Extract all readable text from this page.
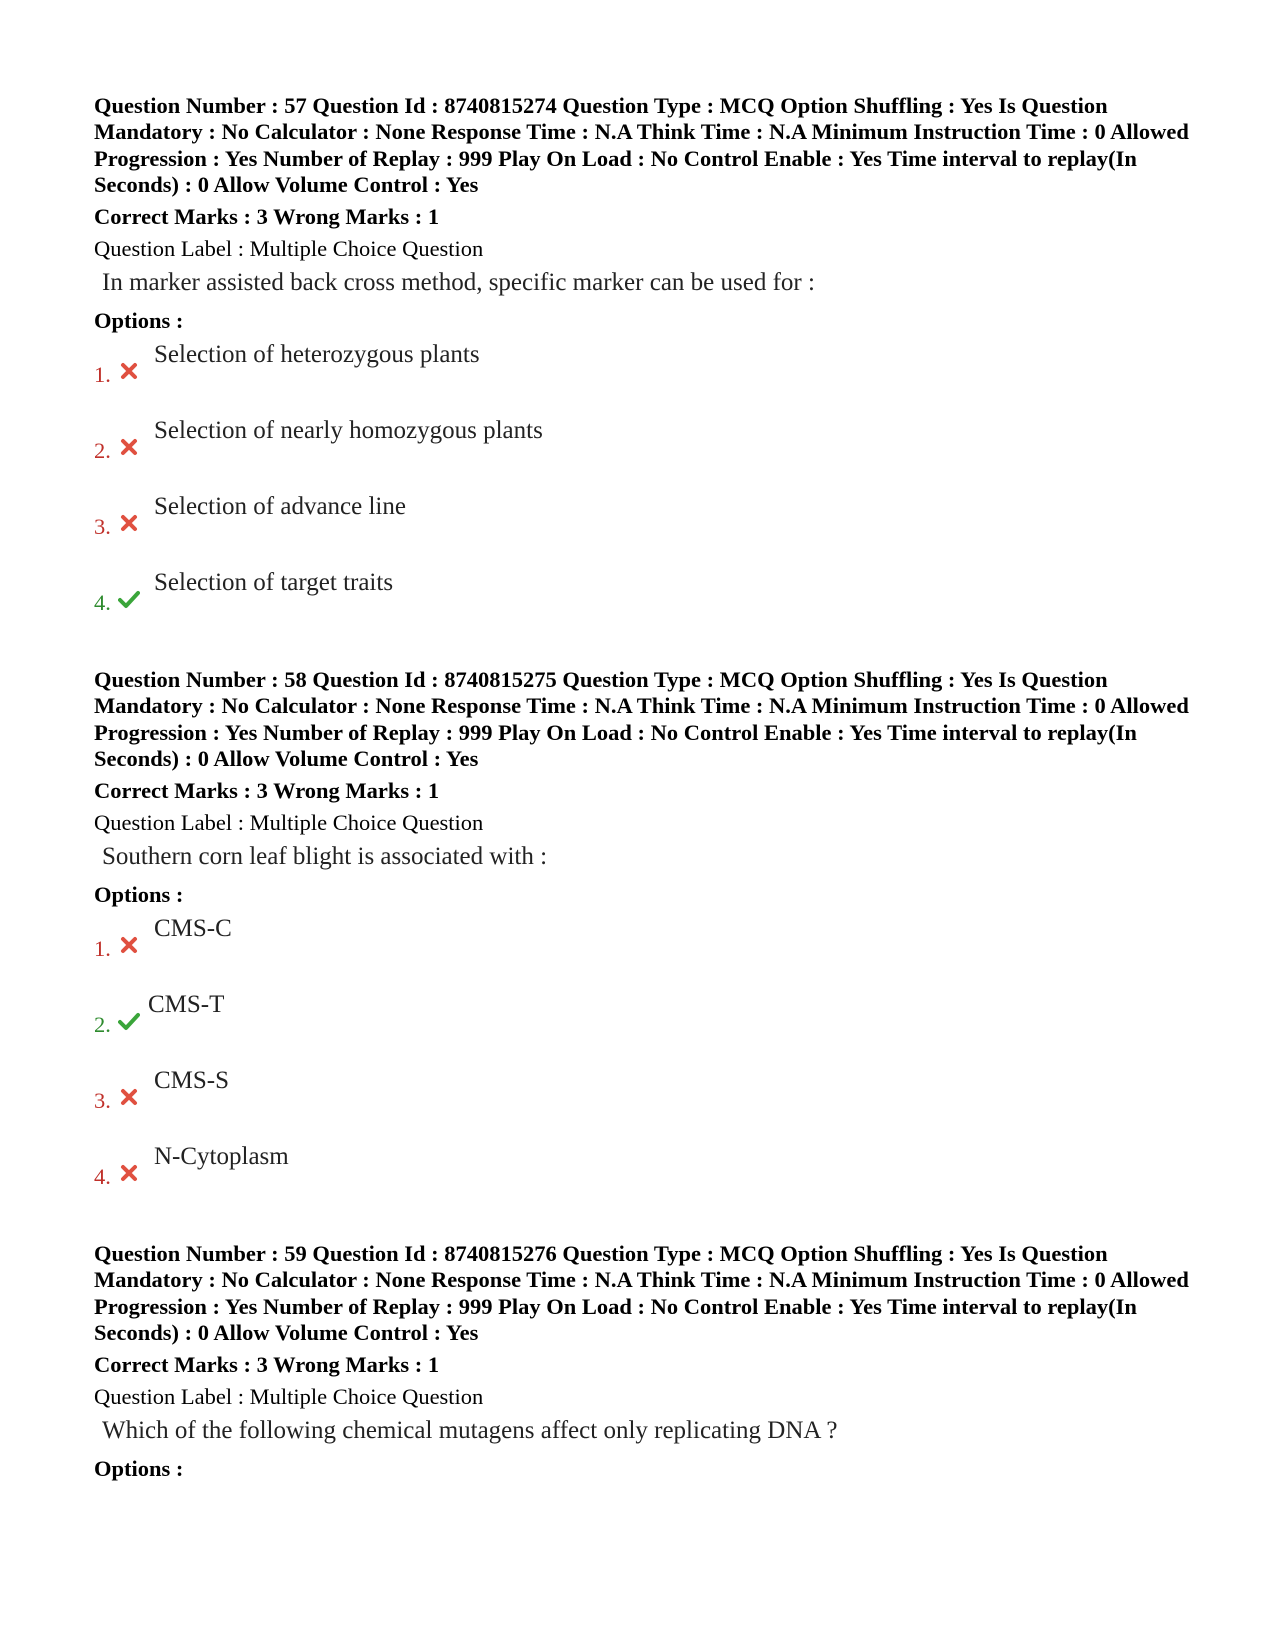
Question Number : 57 Question Id : 8740815274 Question Type : MCQ Option Shuffling : Yes Is Question Mandatory : No Calculator : None Response Time : N.A Think Time : N.A Minimum Instruction Time : 0 Allowed Progression : Yes Number of Replay : 999 Play On Load : No Control Enable : Yes Time interval to replay(In Seconds) : 0 Allow Volume Control : Yes

Correct Marks : 3 Wrong Marks : 1
Question Label : Multiple Choice Question
In marker assisted back cross method, specific marker can be used for :
Options :
1.
Selection of heterozygous plants
2.
Selection of nearly homozygous plants
3.
Selection of advance line
4.
Selection of target traits

Question Number : 58 Question Id : 8740815275 Question Type : MCQ Option Shuffling : Yes Is Question Mandatory : No Calculator : None Response Time : N.A Think Time : N.A Minimum Instruction Time : 0 Allowed Progression : Yes Number of Replay : 999 Play On Load : No Control Enable : Yes Time interval to replay(In Seconds) : 0 Allow Volume Control : Yes

Correct Marks : 3 Wrong Marks : 1
Question Label : Multiple Choice Question
Southern corn leaf blight is associated with :
Options :
1.
CMS-C
2.
CMS-T
3.
CMS-S
4.
N-Cytoplasm

Question Number : 59 Question Id : 8740815276 Question Type : MCQ Option Shuffling : Yes Is Question Mandatory : No Calculator : None Response Time : N.A Think Time : N.A Minimum Instruction Time : 0 Allowed Progression : Yes Number of Replay : 999 Play On Load : No Control Enable : Yes Time interval to replay(In Seconds) : 0 Allow Volume Control : Yes

Correct Marks : 3 Wrong Marks : 1
Question Label : Multiple Choice Question
Which of the following chemical mutagens affect only replicating DNA ?
Options :
